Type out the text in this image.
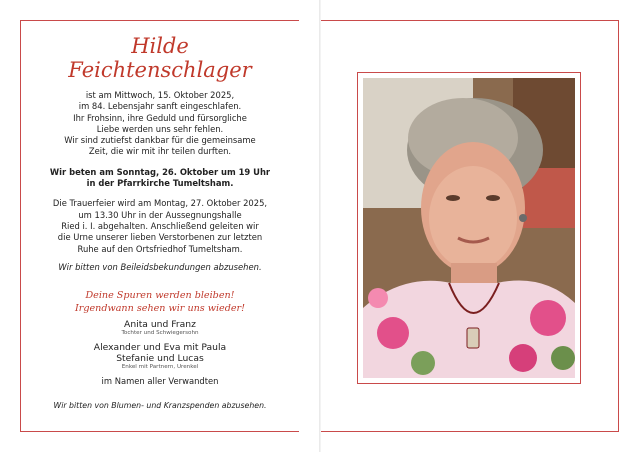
Hilde
Feichtenschlager
ist am Mittwoch, 15. Oktober 2025,
im 84. Lebensjahr sanft eingeschlafen.
Ihr Frohsinn, ihre Geduld und fürsorgliche
Liebe werden uns sehr fehlen.
Wir sind zutiefst dankbar für die gemeinsame
Zeit, die wir mit ihr teilen durften.
Wir beten am Sonntag, 26. Oktober um 19 Uhr
in der Pfarrkirche Tumeltsham.
Die Trauerfeier wird am Montag, 27. Oktober 2025,
um 13.30 Uhr in der Aussegnungshalle
Ried i. I. abgehalten. Anschließend geleiten wir
die Urne unserer lieben Verstorbenen zur letzten
Ruhe auf den Ortsfriedhof Tumeltsham.
Wir bitten von Beileidsbekundungen abzusehen.
Deine Spuren werden bleiben!
Irgendwann sehen wir uns wieder!
Anita und Franz
Tochter und Schwiegersohn
Alexander und Eva mit Paula
Stefanie und Lucas
Enkel mit Partnern, Urenkel
im Namen aller Verwandten
Wir bitten von Blumen- und Kranzspenden abzusehen.
